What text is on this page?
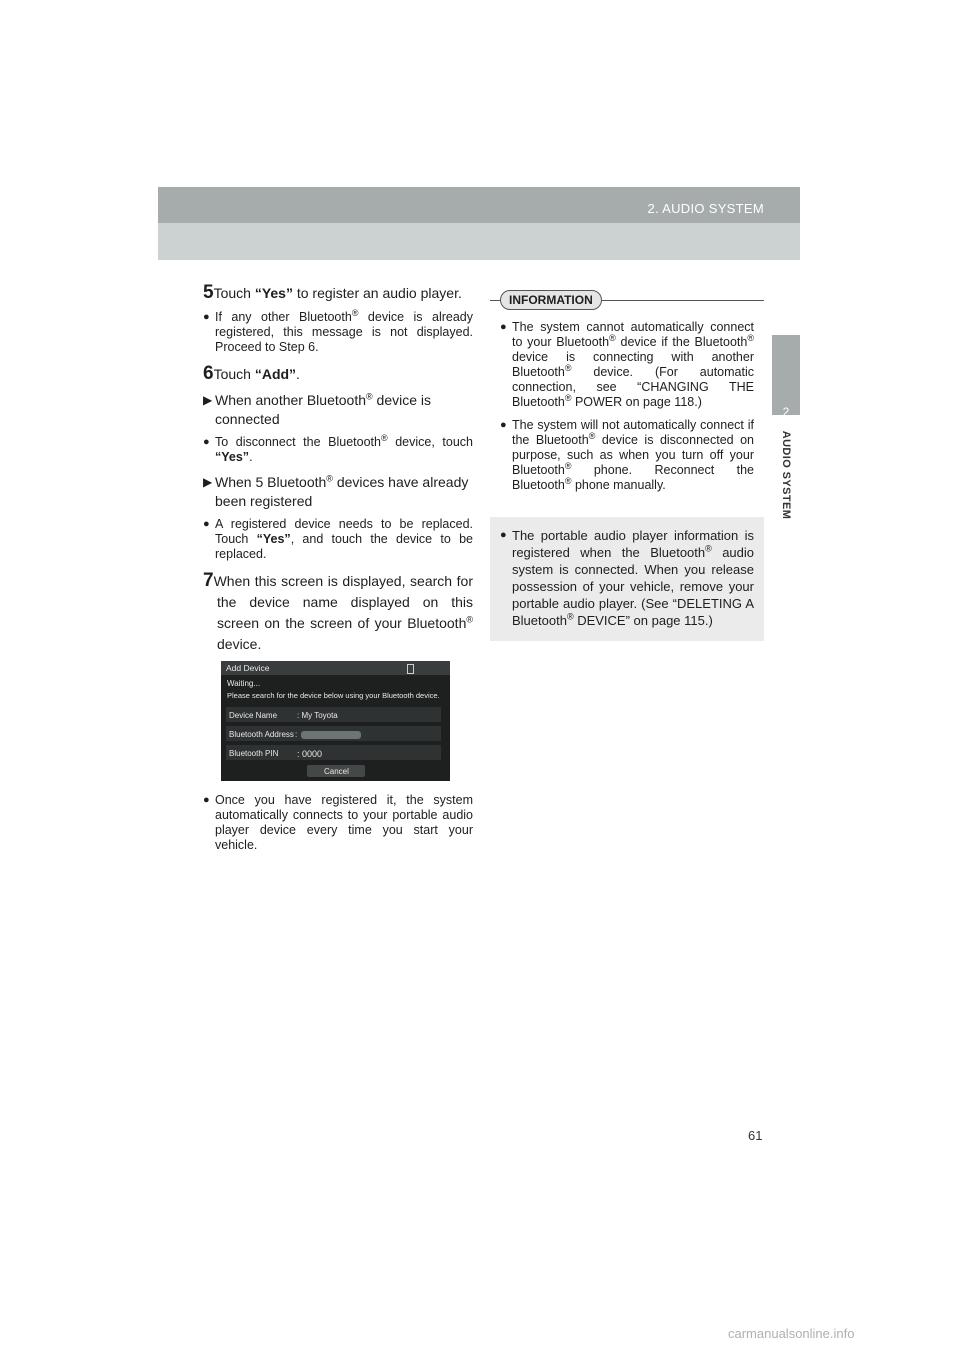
2. AUDIO SYSTEM
2
AUDIO SYSTEM

5Touch “Yes” to register an audio player.

● If any other Bluetooth® device is already registered, this message is not displayed. Proceed to Step 6.

6Touch “Add”.

▶ When another Bluetooth® device is connected

● To disconnect the Bluetooth® device, touch “Yes”.

▶ When 5 Bluetooth® devices have already been registered

● A registered device needs to be replaced. Touch “Yes”, and touch the device to be replaced.

7When this screen is displayed, search for the device name displayed on this screen on the screen of your Bluetooth® device.

Add Device
Waiting...
Please search for the device below using your Bluetooth device.
Device Name : My Toyota
Bluetooth Address :
Bluetooth PIN : 0000
Cancel

● Once you have registered it, the system automatically connects to your portable audio player device every time you start your vehicle.

INFORMATION

● The system cannot automatically connect to your Bluetooth® device if the Bluetooth® device is connecting with another Bluetooth® device. (For automatic connection, see “CHANGING THE Bluetooth® POWER on page 118.)

● The system will not automatically connect if the Bluetooth® device is disconnected on purpose, such as when you turn off your Bluetooth® phone. Reconnect the Bluetooth® phone manually.

● The portable audio player information is registered when the Bluetooth® audio system is connected. When you release possession of your vehicle, remove your portable audio player. (See “DELETING A Bluetooth® DEVICE” on page 115.)

61
carmanualsonline.info
